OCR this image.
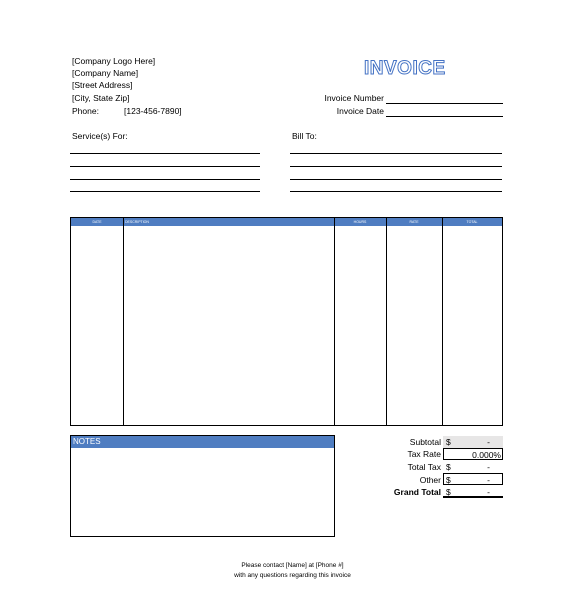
[Company Logo Here]
[Company Name]
[Street Address]
[City, State Zip]
Phone:	[123-456-7890]
INVOICE
Invoice Number
Invoice Date
Service(s) For:	Bill To:
DATE	DESCRIPTION	HOURS	RATE	TOTAL
NOTES	Subtotal $	-
Tax Rate	0.000%
Total Tax $	-
Other $	-
Grand Total $	-
Please contact [Name] at [Phone #]
with any questions regarding this invoice
